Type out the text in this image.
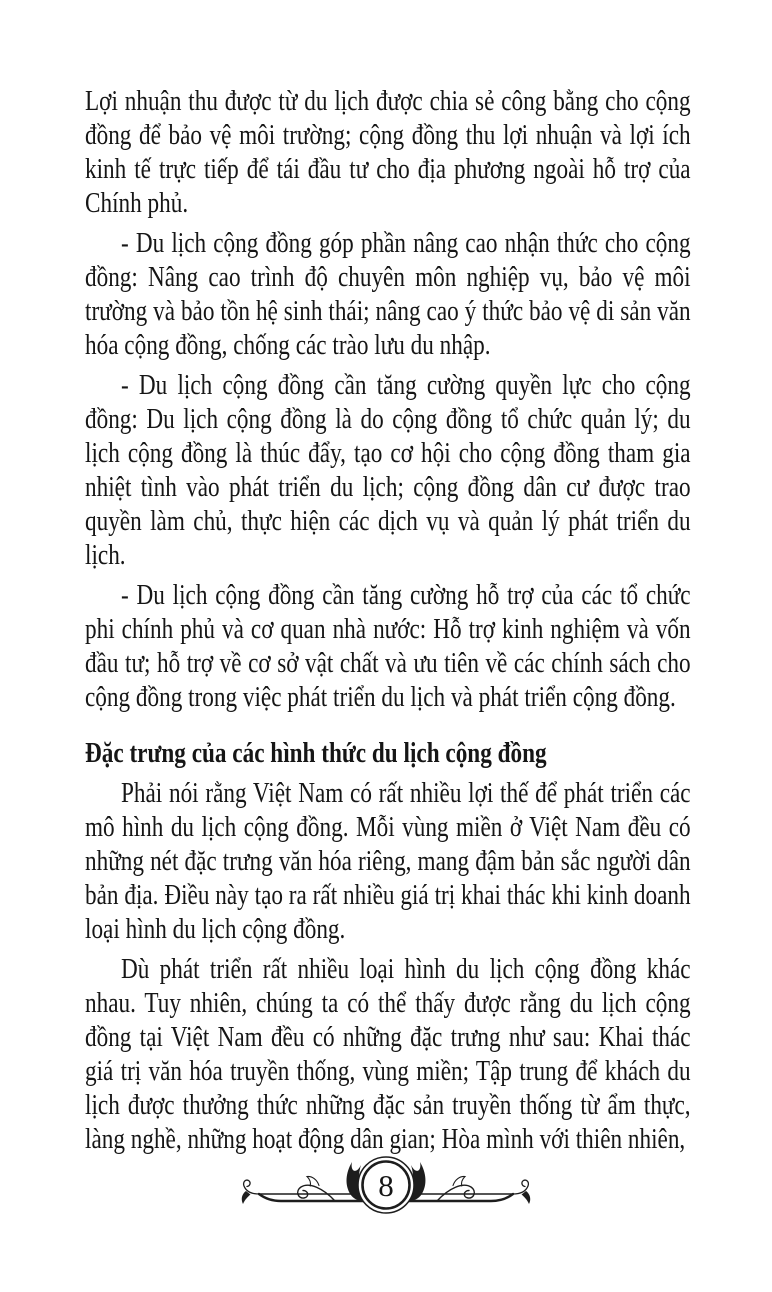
Lợi nhuận thu được từ du lịch được chia sẻ công bằng cho cộng đồng để bảo vệ môi trường; cộng đồng thu lợi nhuận và lợi ích kinh tế trực tiếp để tái đầu tư cho địa phương ngoài hỗ trợ của Chính phủ.

- Du lịch cộng đồng góp phần nâng cao nhận thức cho cộng đồng: Nâng cao trình độ chuyên môn nghiệp vụ, bảo vệ môi trường và bảo tồn hệ sinh thái; nâng cao ý thức bảo vệ di sản văn hóa cộng đồng, chống các trào lưu du nhập.

- Du lịch cộng đồng cần tăng cường quyền lực cho cộng đồng: Du lịch cộng đồng là do cộng đồng tổ chức quản lý; du lịch cộng đồng là thúc đẩy, tạo cơ hội cho cộng đồng tham gia nhiệt tình vào phát triển du lịch; cộng đồng dân cư được trao quyền làm chủ, thực hiện các dịch vụ và quản lý phát triển du lịch.

- Du lịch cộng đồng cần tăng cường hỗ trợ của các tổ chức phi chính phủ và cơ quan nhà nước: Hỗ trợ kinh nghiệm và vốn đầu tư; hỗ trợ về cơ sở vật chất và ưu tiên về các chính sách cho cộng đồng trong việc phát triển du lịch và phát triển cộng đồng.

Đặc trưng của các hình thức du lịch cộng đồng

Phải nói rằng Việt Nam có rất nhiều lợi thế để phát triển các mô hình du lịch cộng đồng. Mỗi vùng miền ở Việt Nam đều có những nét đặc trưng văn hóa riêng, mang đậm bản sắc người dân bản địa. Điều này tạo ra rất nhiều giá trị khai thác khi kinh doanh loại hình du lịch cộng đồng.

Dù phát triển rất nhiều loại hình du lịch cộng đồng khác nhau. Tuy nhiên, chúng ta có thể thấy được rằng du lịch cộng đồng tại Việt Nam đều có những đặc trưng như sau: Khai thác giá trị văn hóa truyền thống, vùng miền; Tập trung để khách du lịch được thưởng thức những đặc sản truyền thống từ ẩm thực, làng nghề, những hoạt động dân gian; Hòa mình với thiên nhiên,

8
